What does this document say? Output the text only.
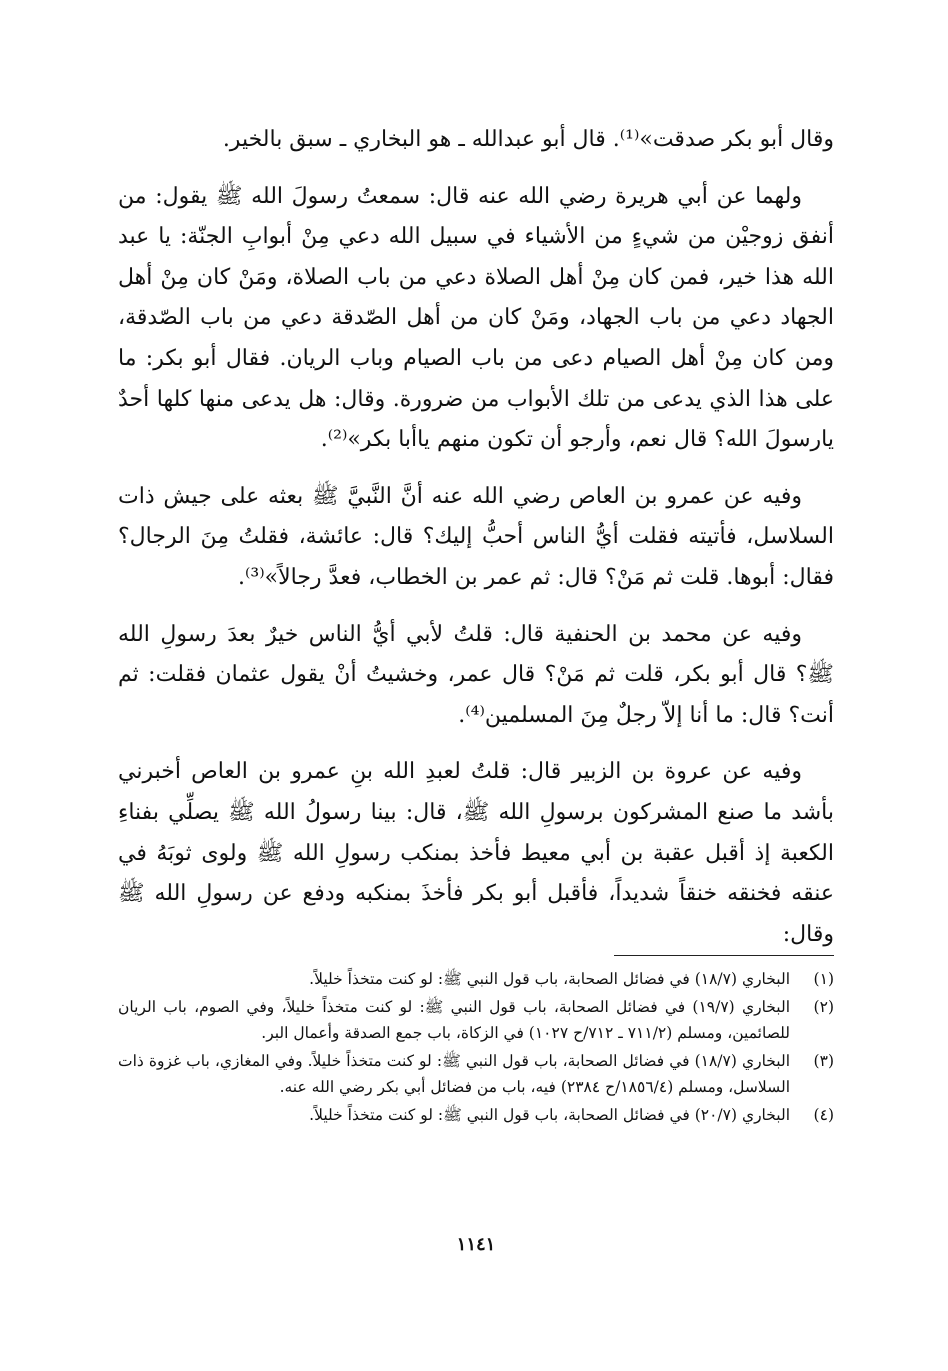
وقال أبو بكر صدقت»⁽¹⁾. قال أبو عبدالله ـ هو البخاري ـ سبق بالخير.

ولهما عن أبي هريرة رضي الله عنه قال: سمعتُ رسولَ الله ﷺ يقول: من أنفق زوجيْن من شيءٍ من الأشياء في سبيل الله دعي مِنْ أبوابِ الجنّة: يا عبد الله هذا خير، فمن كان مِنْ أهل الصلاة دعي من باب الصلاة، ومَنْ كان مِنْ أهل الجهاد دعي من باب الجهاد، ومَنْ كان من أهل الصّدقة دعي من باب الصّدقة، ومن كان مِنْ أهل الصيام دعى من باب الصيام وباب الريان. فقال أبو بكر: ما على هذا الذي يدعى من تلك الأبواب من ضرورة. وقال: هل يدعى منها كلها أحدٌ يارسولَ الله؟ قال نعم، وأرجو أن تكون منهم ياأبا بكر»⁽²⁾.

وفيه عن عمرو بن العاص رضي الله عنه أنَّ النَّبيَّ ﷺ بعثه على جيش ذات السلاسل، فأتيته فقلت أيُّ الناس أحبُّ إليك؟ قال: عائشة، فقلتُ مِنَ الرجال؟ فقال: أبوها. قلت ثم مَنْ؟ قال: ثم عمر بن الخطاب، فعدَّ رجالاً»⁽³⁾.

وفيه عن محمد بن الحنفية قال: قلتُ لأبي أيُّ الناس خيرٌ بعدَ رسولِ الله ﷺ؟ قال أبو بكر، قلت ثم مَنْ؟ قال عمر، وخشيتُ أنْ يقول عثمان فقلت: ثم أنت؟ قال: ما أنا إلاّ رجلٌ مِنَ المسلمين⁽⁴⁾.

وفيه عن عروة بن الزبير قال: قلتُ لعبدِ الله بنِ عمرو بن العاص أخبرني بأشد ما صنع المشركون برسولِ الله ﷺ، قال: بينا رسولُ الله ﷺ يصلِّي بفناءِ الكعبة إذ أقبل عقبة بن أبي معيط فأخذ بمنكب رسولِ الله ﷺ ولوى ثوبَهُ في عنقه فخنقه خنقاً شديداً، فأقبل أبو بكر فأخذَ بمنكبه ودفع عن رسولِ الله ﷺ وقال:

(١)
البخاري (١٨/٧) في فضائل الصحابة، باب قول النبي ﷺ: لو كنت متخذاً خليلاً.
(٢)
البخاري (١٩/٧) في فضائل الصحابة، باب قول النبي ﷺ: لو كنت متخذاً خليلاً، وفي الصوم، باب الريان للصائمين، ومسلم (٧١١/٢ ـ ٧١٢/ح ١٠٢٧) في الزكاة، باب جمع الصدقة وأعمال البر.
(٣)
البخاري (١٨/٧) في فضائل الصحابة، باب قول النبي ﷺ: لو كنت متخذاً خليلاً. وفي المغازي، باب غزوة ذات السلاسل، ومسلم (١٨٥٦/٤/ح ٢٣٨٤) فيه، باب من فضائل أبي بكر رضي الله عنه.
(٤)
البخاري (٢٠/٧) في فضائل الصحابة، باب قول النبي ﷺ: لو كنت متخذاً خليلاً.
١١٤١
